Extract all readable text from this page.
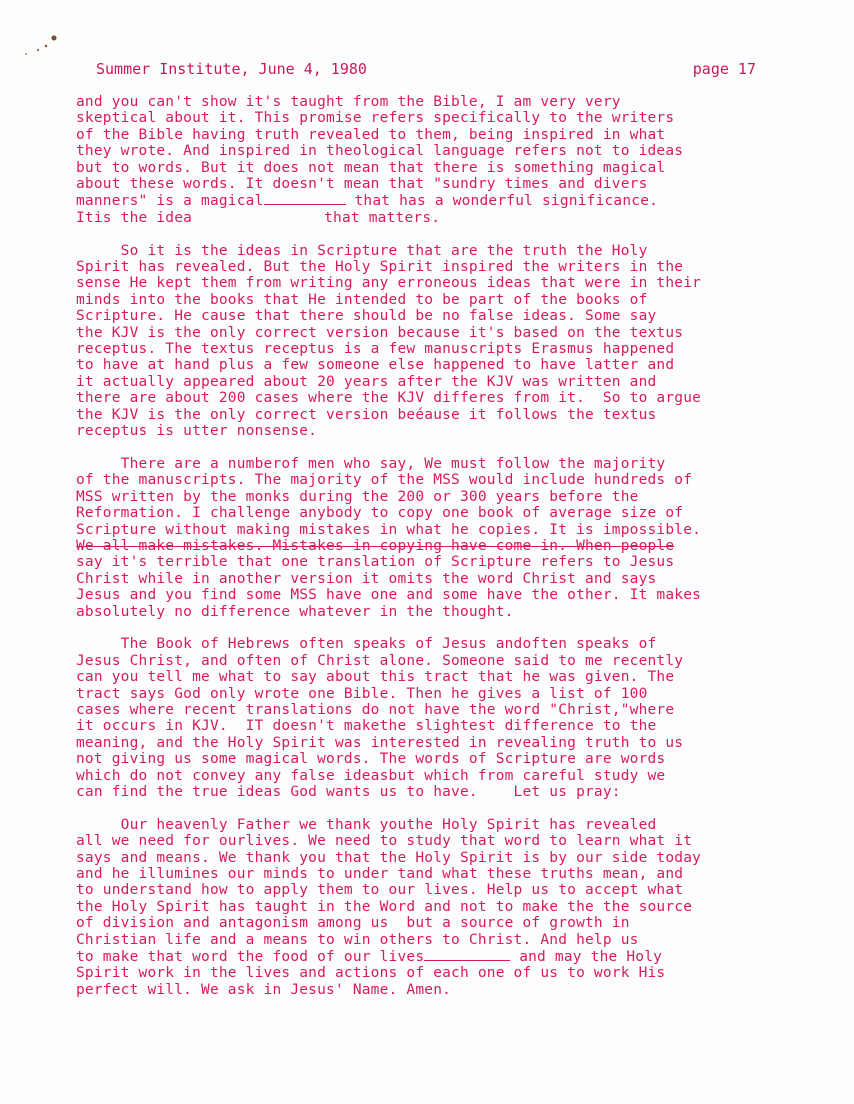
Summer Institute, June 4, 1980	page 17
and you can't show it's taught from the Bible, I am very very
skeptical about it. This promise refers specifically to the writers
of the Bible having truth revealed to them, being inspired in what
they wrote. And inspired in theological language refers not to ideas
but to words. But it does not mean that there is something magical
about these words. It doesn't mean that "sundry times and divers
manners" is a magical	that has a wonderful significance.
Itis the idea	that matters.
So it is the ideas in Scripture that are the truth the Holy
Spirit has revealed. But the Holy Spirit inspired the writers in the
sense He kept them from writing any erroneous ideas that were in their
minds into the books that He intended to be part of the books of
Scripture. He cause that there should be no false ideas. Some say
the KJV is the only correct version because it's based on the textus
receptus. The textus receptus is a few manuscripts Erasmus happened
to have at hand plus a few someone else happened to have latter and
it actually appeared about 20 years after the KJV was written and
there are about 200 cases where the KJV differes from it.  So to argue
the KJV is the only correct version beéause it follows the textus
receptus is utter nonsense.
There are a numberof men who say, We must follow the majority
of the manuscripts. The majority of the MSS would include hundreds of
MSS written by the monks during the 200 or 300 years before the
Reformation. I challenge anybody to copy one book of average size of
Scripture without making mistakes in what he copies. It is impossible.
We all make mistakes. Mistakes in copying have come in. When people
say it's terrible that one translation of Scripture refers to Jesus
Christ while in another version it omits the word Christ and says
Jesus and you find some MSS have one and some have the other. It makes
absolutely no difference whatever in the thought.
The Book of Hebrews often speaks of Jesus andoften speaks of
Jesus Christ, and often of Christ alone. Someone said to me recently
can you tell me what to say about this tract that he was given. The
tract says God only wrote one Bible. Then he gives a list of 100
cases where recent translations do not have the word "Christ,"where
it occurs in KJV.  IT doesn't makethe slightest difference to the
meaning, and the Holy Spirit was interested in revealing truth to us
not giving us some magical words. The words of Scripture are words
which do not convey any false ideasbut which from careful study we
can find the true ideas God wants us to have.    Let us pray:
Our heavenly Father we thank youthe Holy Spirit has revealed
all we need for ourlives. We need to study that word to learn what it
says and means. We thank you that the Holy Spirit is by our side today
and he illumines our minds to under tand what these truths mean, and
to understand how to apply them to our lives. Help us to accept what
the Holy Spirit has taught in the Word and not to make the the source
of division and antagonism among us  but a source of growth in
Christian life and a means to win others to Christ. And help us
to make that word the food of our lives	and may the Holy
Spirit work in the lives and actions of each one of us to work His
perfect will. We ask in Jesus' Name. Amen.
